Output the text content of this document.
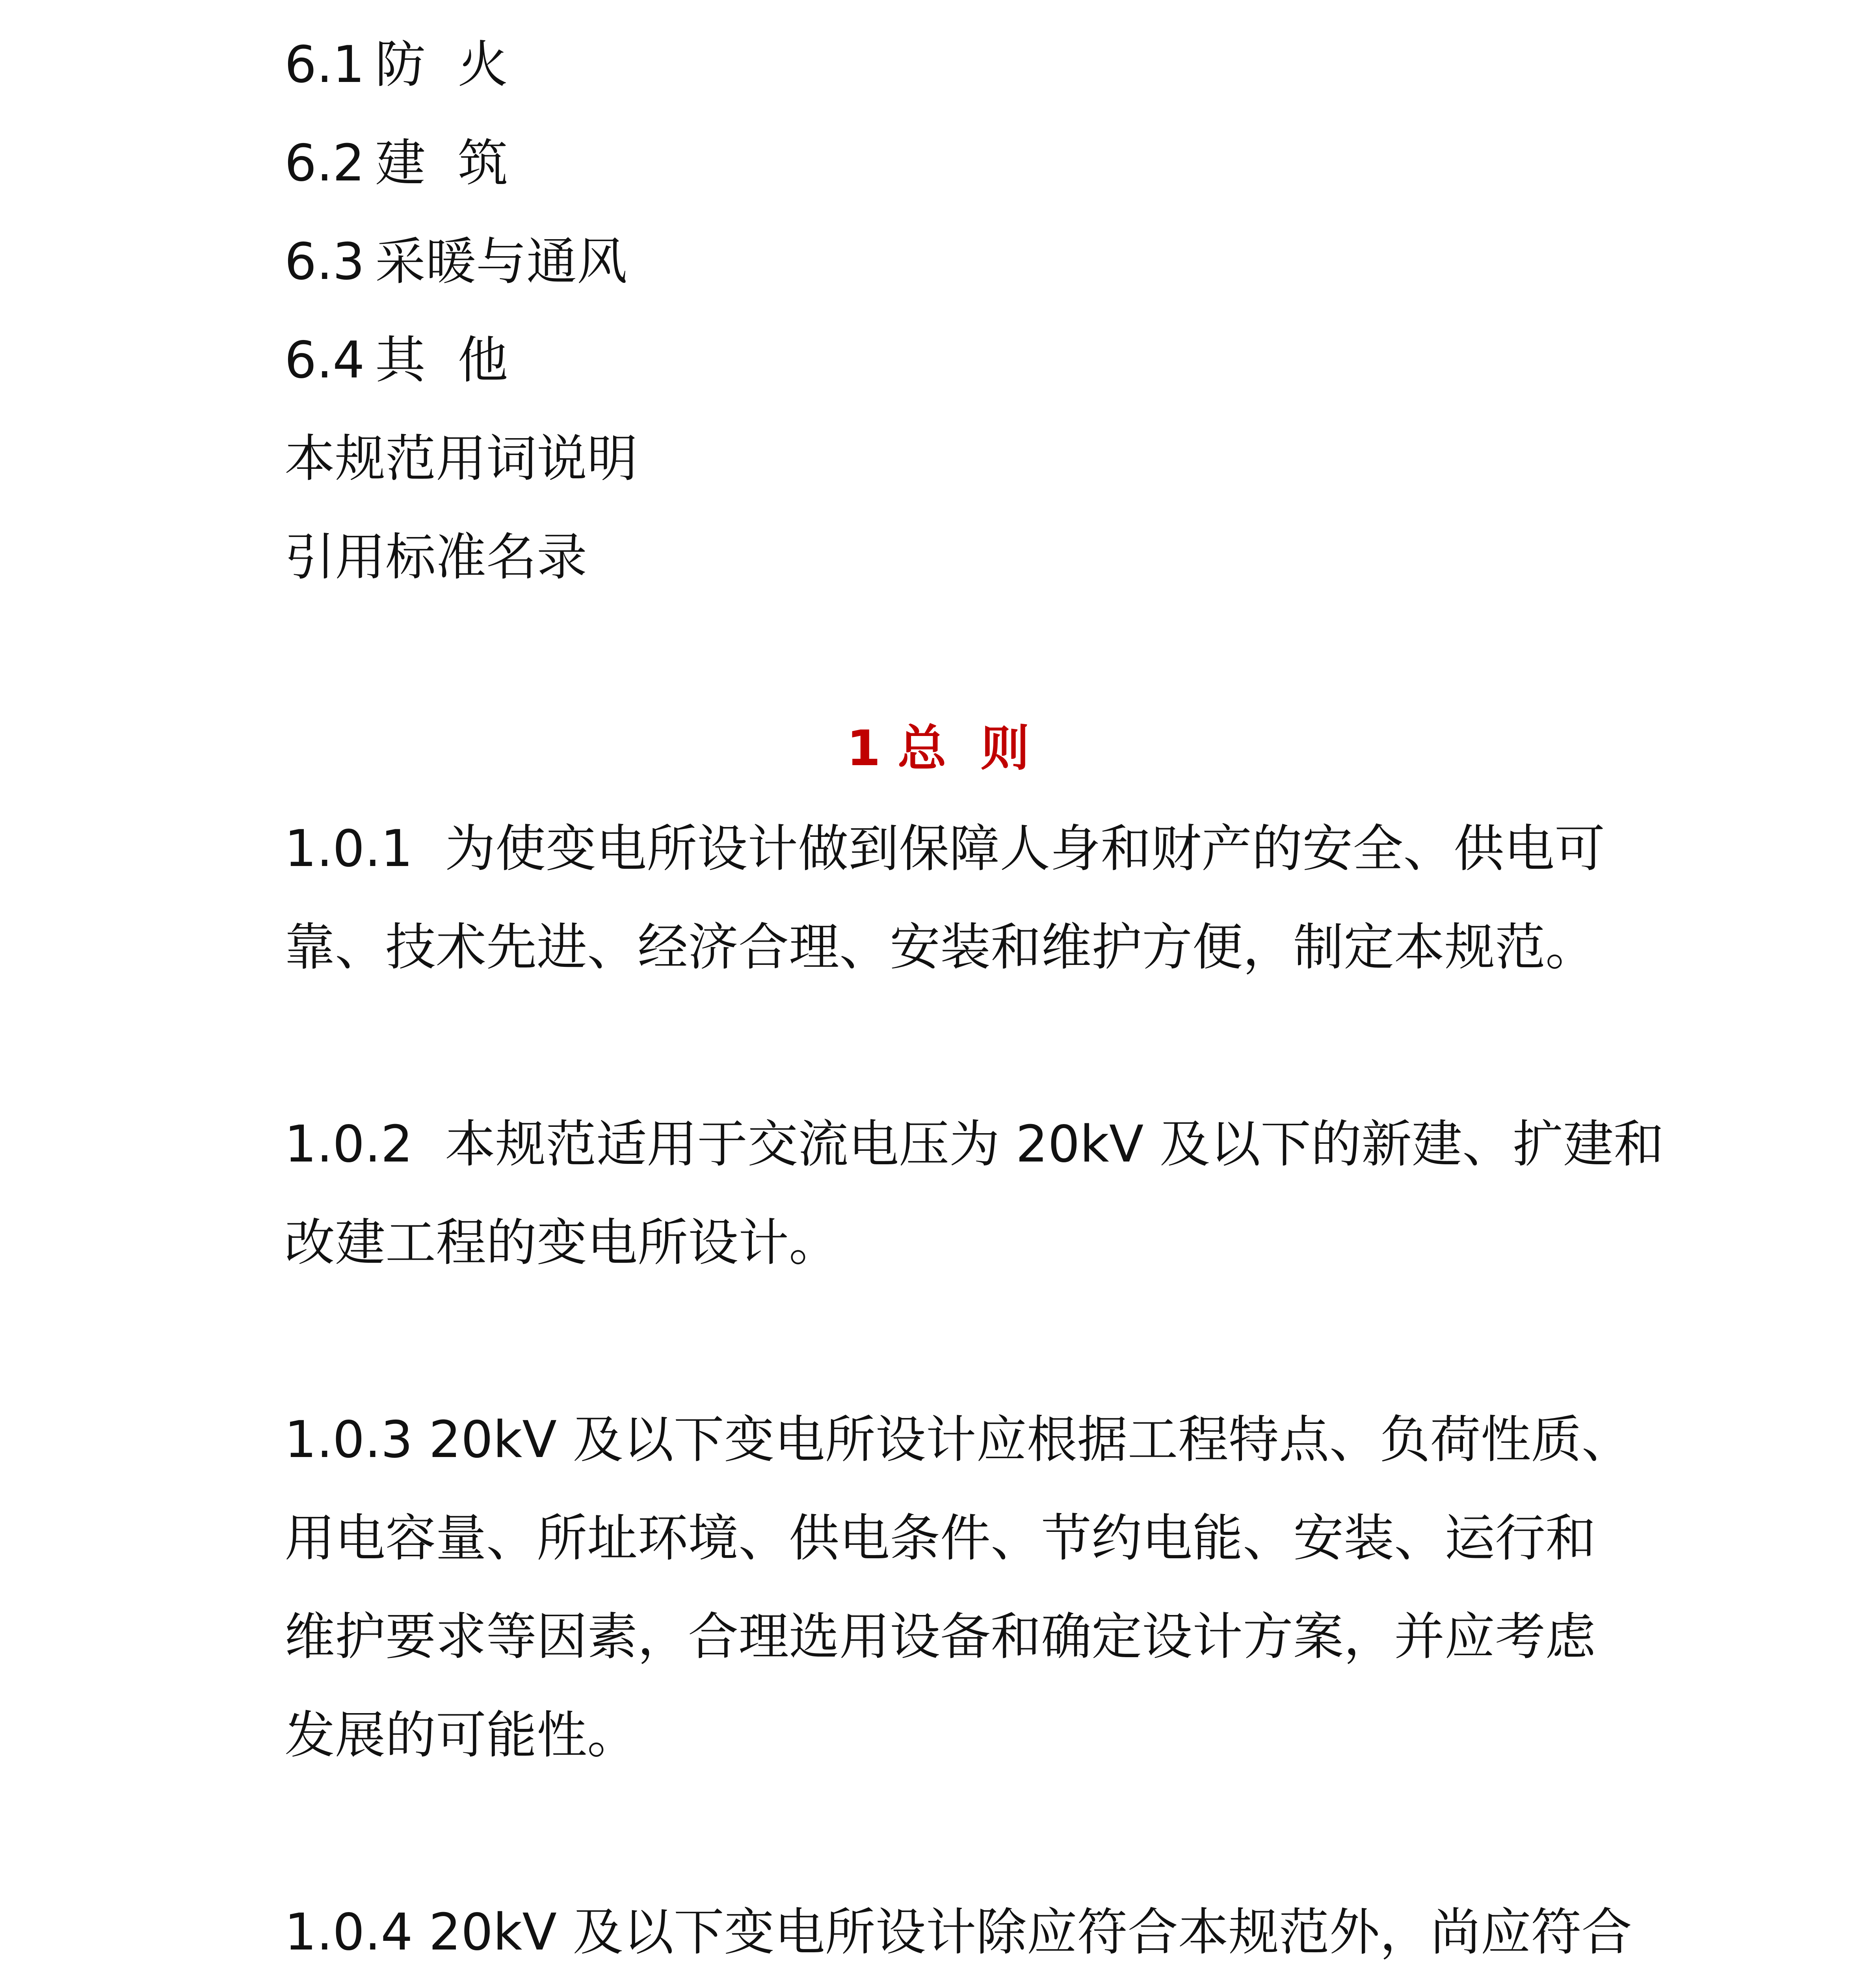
6.1 防  火
6.2 建  筑
6.3 采暖与通风
6.4 其  他
本规范用词说明
引用标准名录
1 总  则
1.0.1  为使变电所设计做到保障人身和财产的安全、供电可
靠、技术先进、经济合理、安装和维护方便，制定本规范。
1.0.2  本规范适用于交流电压为 20kV 及以下的新建、扩建和
改建工程的变电所设计。
1.0.3 20kV 及以下变电所设计应根据工程特点、负荷性质、
用电容量、所址环境、供电条件、节约电能、安装、运行和
维护要求等因素，合理选用设备和确定设计方案，并应考虑
发展的可能性。
1.0.4 20kV 及以下变电所设计除应符合本规范外，尚应符合
